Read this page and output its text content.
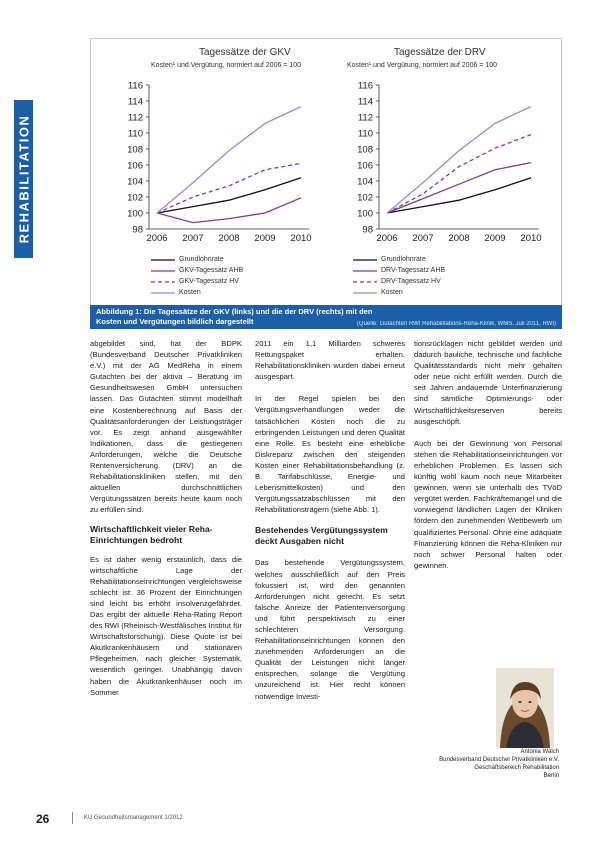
REHABILITATION
Tagessätze der GKV
Kosten¹ und Vergütung, normiert auf 2006 = 100
98
100
102
104
106
108
110
112
114
116
2006 2007 2008 2009 2010
Tagessätze der DRV
Kosten¹ und Vergütung, normiert auf 2006 = 100
98
100
102
104
106
108
110
112
114
116
2006 2007 2008 2009 2010
Grundlohnrate
GKV-Tagessatz AHB
GKV-Tagessatz HV
Kosten
Grundlohnrate
DRV-Tagessatz AHB
DRV-Tagessatz HV
Kosten
Abbildung 1: Die Tagessätze der GKV (links) und die der DRV (rechts) mit den Kosten und Vergütungen bildlich dargestellt	(Quelle: Gutachten RWI Rehabilitations-Reha-Klinik, WMS, Juli 2011, RWI)

abgebildet sind, hat der BDPK (Bundesverband Deutscher Privatkliniken e.V.) mit der AG MedReha in einem Gutachten bei der aktiva – Beratung im Gesundheitswesen GmbH untersuchen lassen. Das Gutachten stimmt modellhaft eine Kostenberechnung auf Basis der Qualitätsanforderungen der Leistungsträger vor. Es zeigt anhand ausgewählter Indikationen, dass die gestiegenen Anforderungen, welche die Deutsche Rentenversicherung (DRV) an die Rehabilitationskliniken stellen, mit den aktuellen durchschnittlichen Vergütungssätzen bereits heute kaum noch zu erfüllen sind.

Wirtschaftlichkeit vieler Reha-Einrichtungen bedroht

Es ist daher wenig erstaunlich, dass die wirtschaftliche Lage der Rehabilitationseinrichtungen vergleichsweise schlecht ist: 36 Prozent der Einrichtungen sind leicht bis erhöht insolvenzgefährdet. Das ergibt der aktuelle Reha-Rating Report des RWI (Rheinisch-Westfälisches Institut für Wirtschaftsforschung). Diese Quote ist bei Akutkrankenhäusern und stationären Pflegeheimen, nach gleicher Systematik, wesentlich geringer. Unabhängig davon haben die Akutkrankenhäuser noch im Sommer

2011 ein 1,1 Milliarden schweres Rettungspaket erhalten. Rehabilitationskliniken wurden dabei erneut ausgespart.

In der Regel spielen bei den Vergütungsverhandlungen weder die tatsächlichen Kosten noch die zu erbringenden Leistungen und deren Qualität eine Rolle. Es besteht eine erhebliche Diskrepanz zwischen den steigenden Kosten einer Rehabilitationsbehandlung (z. B. Tarifabschlüsse, Energie- und Lebensmittelkosten) und den Vergütungssatzabschlüssen mit den Rehabilitationsträgern (siehe Abb. 1).

Bestehendes Vergütungssystem deckt Ausgaben nicht

Das bestehende Vergütungssystem, welches ausschließlich auf den Preis fokussiert ist, wird den genannten Anforderungen nicht gerecht. Es setzt falsche Anreize der Patientenversorgung und führt perspektivisch zu einer schlechteren Versorgung. Rehabilitationseinrichtungen können den zunehmenden Anforderungen an die Qualität der Leistungen nicht länger entsprechen, solange die Vergütung unzureichend ist. Hier recht können notwendige Investi-

tionsrücklagen nicht gebildet werden und dadurch bauliche, technische und fachliche Qualitätsstandards nicht mehr gehalten oder neue nicht erfüllt werden. Durch die seit Jahren andauernde Unterfinanzierung sind sämtliche Optimierungs- oder Wirtschaftlichkeitsreserven bereits ausgeschöpft.

Auch bei der Gewinnung von Personal stehen die Rehabilitationseinrichtungen vor erheblichen Problemen. Es lassen sich künftig wohl kaum noch neue Mitarbeiter gewinnen, wenn sie unterhalb des TVöD vergütet werden. Fachkräftemangel und die vorwiegend ländlichen Lagen der Kliniken fördern den zunehmenden Wettbewerb um qualifiziertes Personal. Ohne eine adäquate Finanzierung können die Reha-Kliniken nur noch schwer Personal halten oder gewinnen.

Antonia Walch
Bundesverband Deutscher Privatkliniken e.V.
Geschäftsbereich Rehabilitation
Berlin
26	KU Gesundheitsmanagement 1/2012
